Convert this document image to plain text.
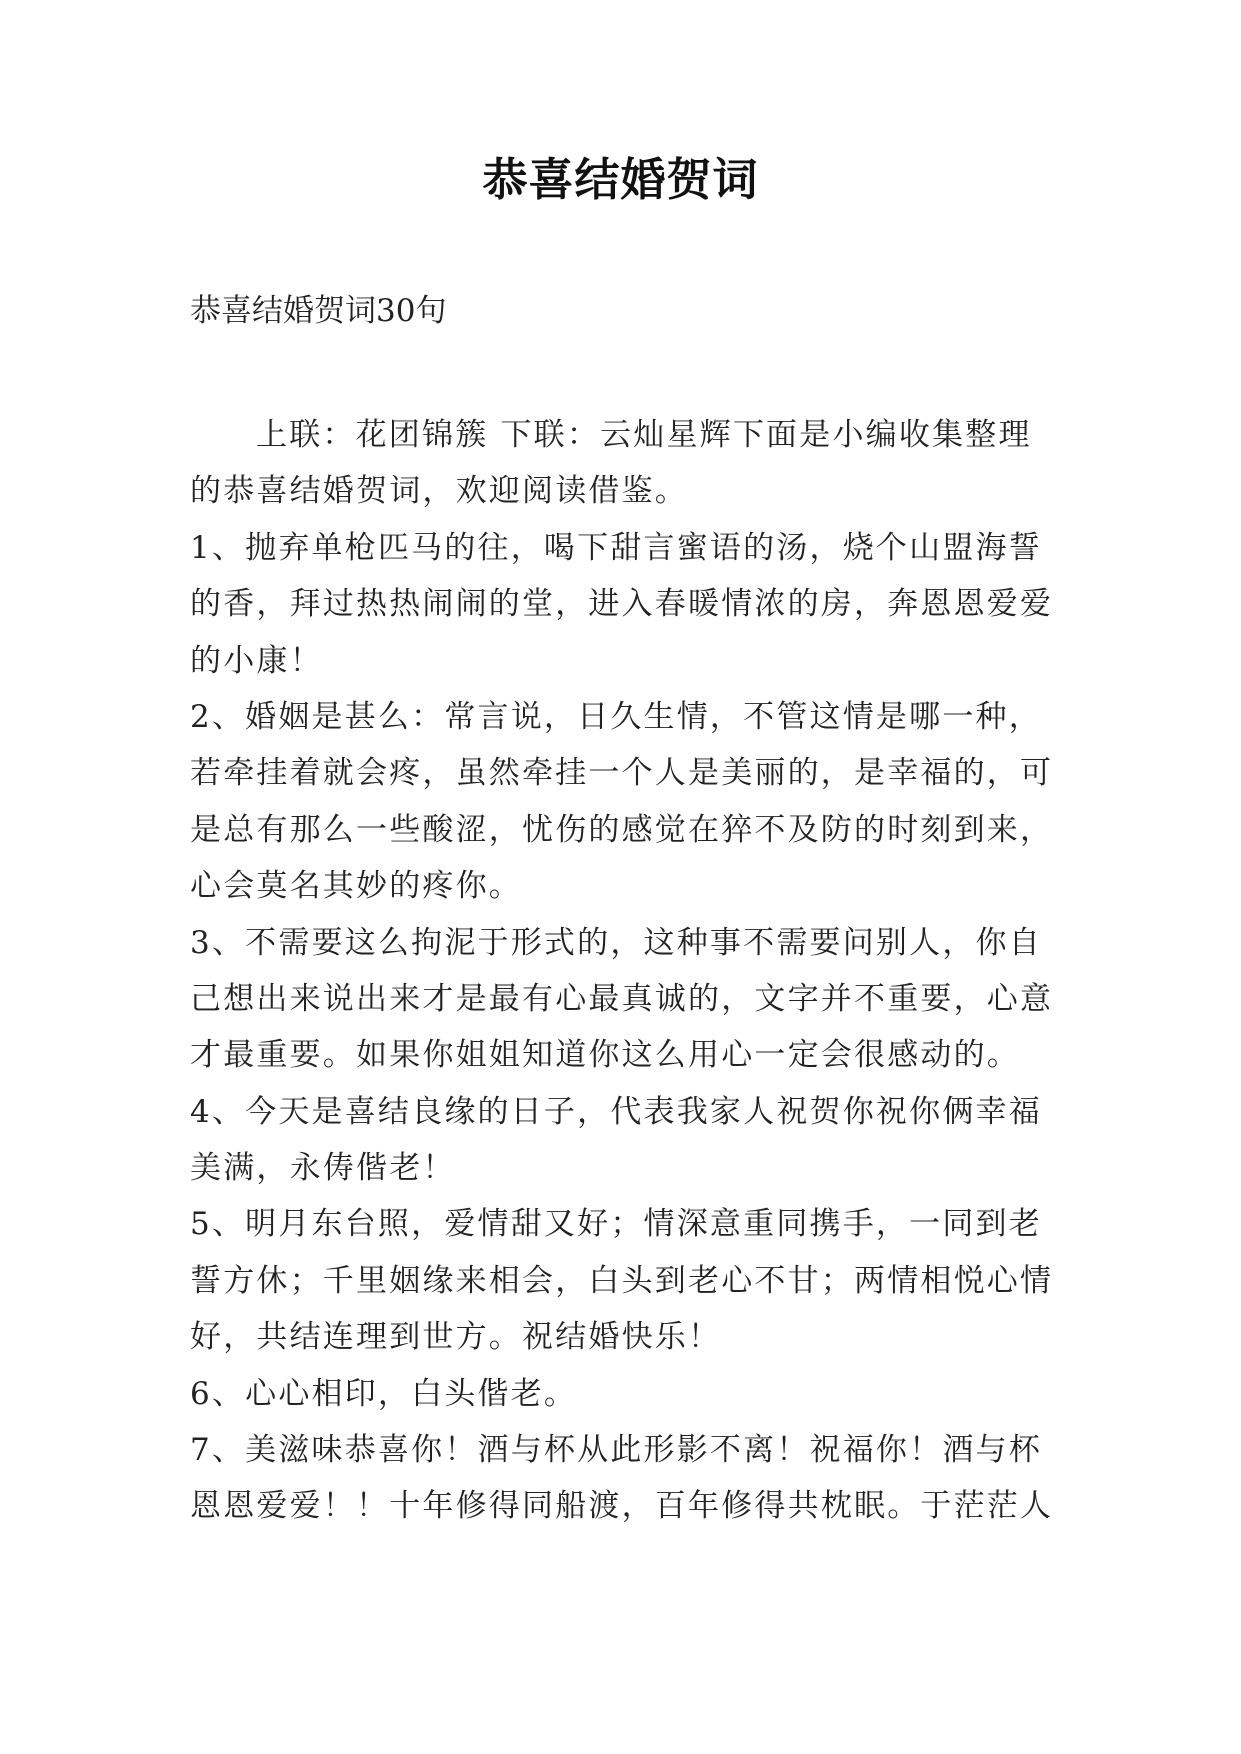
恭喜结婚贺词
恭喜结婚贺词30句
上联：花团锦簇 下联：云灿星辉下面是小编收集整理
的恭喜结婚贺词，欢迎阅读借鉴。
1、抛弃单枪匹马的往，喝下甜言蜜语的汤，烧个山盟海誓
的香，拜过热热闹闹的堂，进入春暖情浓的房，奔恩恩爱爱
的小康！
2、婚姻是甚么：常言说，日久生情，不管这情是哪一种，
若牵挂着就会疼，虽然牵挂一个人是美丽的，是幸福的，可
是总有那么一些酸涩，忧伤的感觉在猝不及防的时刻到来，
心会莫名其妙的疼你。
3、不需要这么拘泥于形式的，这种事不需要问别人，你自
己想出来说出来才是最有心最真诚的，文字并不重要，心意
才最重要。如果你姐姐知道你这么用心一定会很感动的。
4、今天是喜结良缘的日子，代表我家人祝贺你祝你俩幸福
美满，永俦偕老！
5、明月东台照，爱情甜又好；情深意重同携手，一同到老
誓方休；千里姻缘来相会，白头到老心不甘；两情相悦心情
好，共结连理到世方。祝结婚快乐！
6、心心相印，白头偕老。
7、美滋味恭喜你！酒与杯从此形影不离！祝福你！酒与杯
恩恩爱爱！！十年修得同船渡，百年修得共枕眠。于茫茫人
